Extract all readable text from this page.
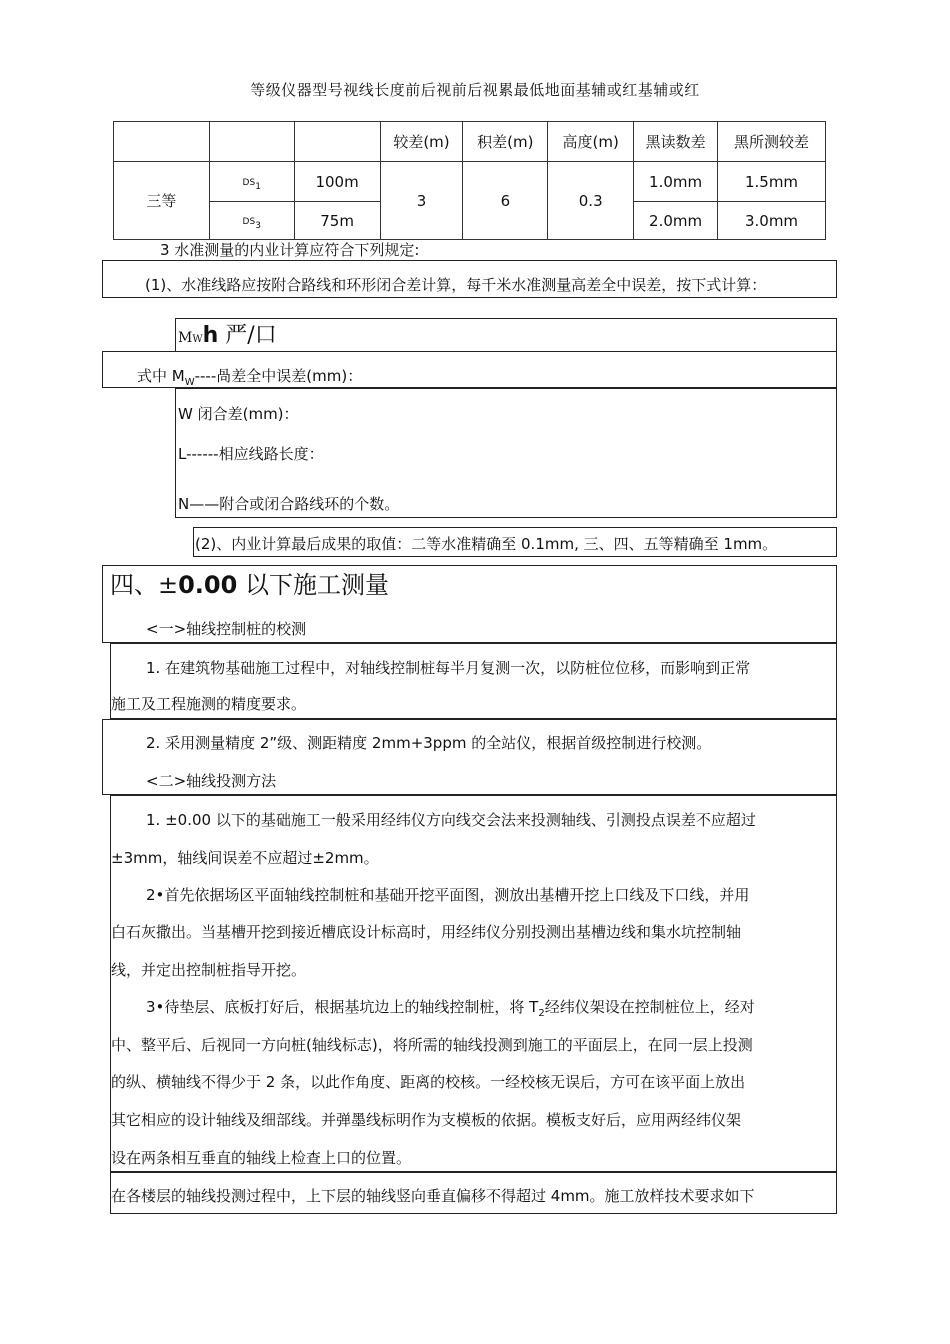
等级仪器型号视线长度前后视前后视累最低地面基辅或红基辅或红
			较差(m)	积差(m)	高度(m)	黑读数差	黑所测较差
三等	$DS_1$	100m	3	6	0.3	1.0mm	1.5mm
	$DS_3$	75m				2.0mm	3.0mm
3 水准测量的内业计算应符合下列规定:
(1)、水准线路应按附合路线和环形闭合差计算，每千米水准测量高差全中误差，按下式计算：
MWh 严/口
式中 $M_W----$咼差全中误差(mm)：
W 闭合差(mm)：
L------相应线路长度：
N——附合或闭合路线环的个数。
(2)、内业计算最后成果的取值：二等水准精确至 0.1mm, 三、四、五等精确至 1mm。
四、±0.00 以下施工测量
<一>轴线控制桩的校测
1. 在建筑物基础施工过程中，对轴线控制桩每半月复测一次，以防桩位位移，而影响到正常
施工及工程施测的精度要求。
2. 采用测量精度 2”级、测距精度 2mm+3ppm 的全站仪，根据首级控制进行校测。
<二>轴线投测方法
1. ±0.00 以下的基础施工一般采用经纬仪方向线交会法来投测轴线、引测投点误差不应超过
±3mm，轴线间误差不应超过±2mm。
2•首先依据场区平面轴线控制桩和基础开挖平面图，测放出基槽开挖上口线及下口线，并用
白石灰撒出。当基槽开挖到接近槽底设计标高时，用经纬仪分别投测出基槽边线和集水坑控制轴
线，并定出控制桩指导开挖。
3•待垫层、底板打好后，根据基坑边上的轴线控制桩，将 $T_2$经纬仪架设在控制桩位上，经对
中、整平后、后视同一方向桩(轴线标志)，将所需的轴线投测到施工的平面层上，在同一层上投测
的纵、横轴线不得少于 2 条，以此作角度、距离的校核。一经校核无误后，方可在该平面上放出
其它相应的设计轴线及细部线。并弹墨线标明作为支模板的依据。模板支好后，应用两经纬仪架
设在两条相互垂直的轴线上检查上口的位置。
在各楼层的轴线投测过程中，上下层的轴线竖向垂直偏移不得超过 4mm。施工放样技术要求如下
